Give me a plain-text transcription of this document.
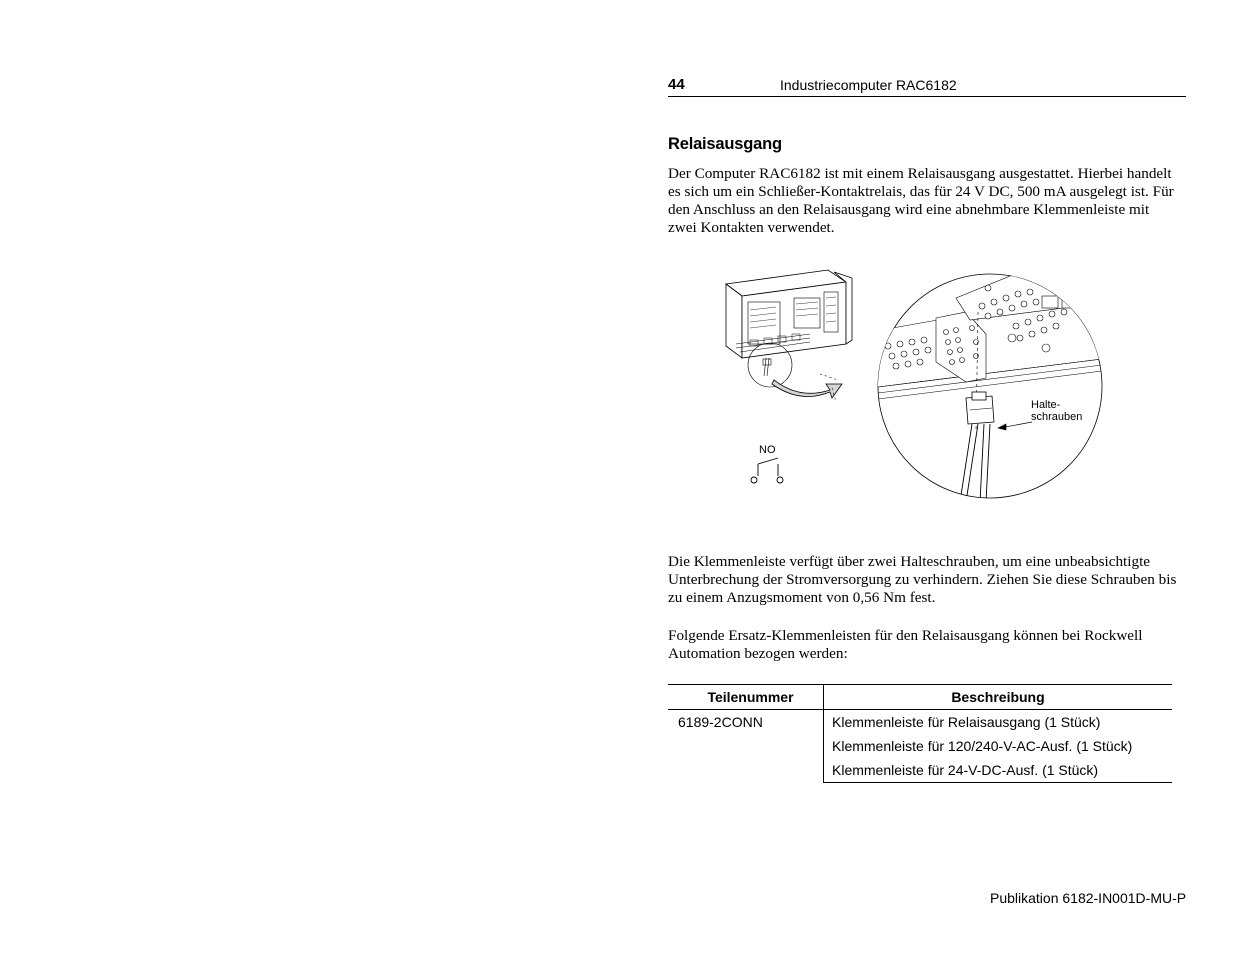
44	Industriecomputer RAC6182
Relaisausgang
Der Computer RAC6182 ist mit einem Relaisausgang ausgestattet. Hierbei handelt es sich um ein Schließer-Kontaktrelais, das für 24 V DC, 500 mA ausgelegt ist. Für den Anschluss an den Relaisausgang wird eine abnehmbare Klemmenleiste mit zwei Kontakten verwendet.
NO
Halte-
schrauben
Die Klemmenleiste verfügt über zwei Halteschrauben, um eine unbeabsichtigte Unterbrechung der Stromversorgung zu verhindern. Ziehen Sie diese Schrauben bis zu einem Anzugsmoment von 0,56 Nm fest.
Folgende Ersatz-Klemmenleisten für den Relaisausgang können bei Rockwell Automation bezogen werden:
Teilenummer	Beschreibung
6189-2CONN	Klemmenleiste für Relaisausgang (1 Stück)
	Klemmenleiste für 120/240-V-AC-Ausf. (1 Stück)
	Klemmenleiste für 24-V-DC-Ausf. (1 Stück)
Publikation 6182-IN001D-MU-P
